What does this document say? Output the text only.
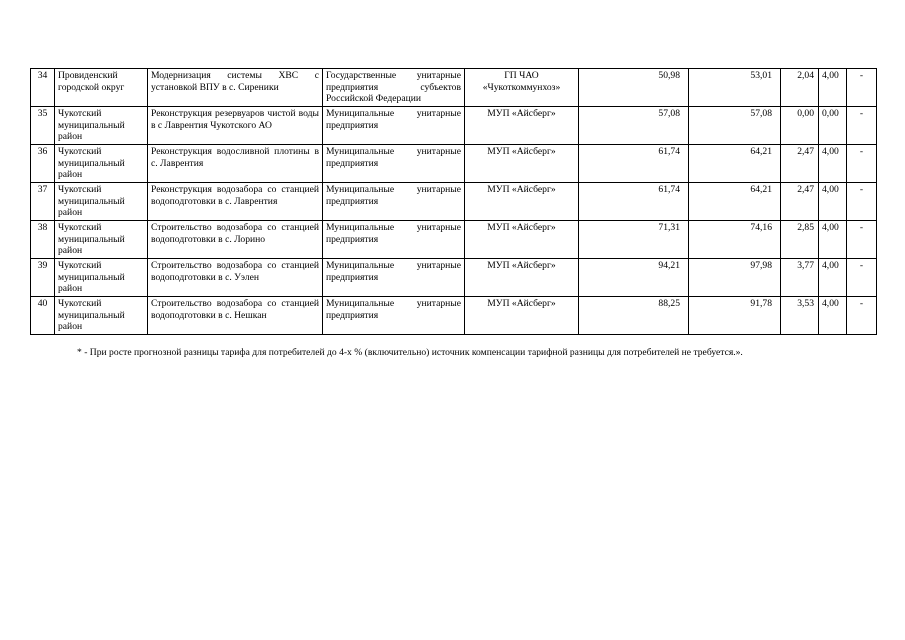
34	Провиденский городской округ	Модернизация системы ХВС с установкой ВПУ в с. Сиреники	Государственные унитарные предприятия субъектов Российской Федерации	ГП ЧАО «Чукоткоммунхоз»	50,98	53,01	2,04	4,00	-
35	Чукотский муниципальный район	Реконструкция резервуаров чистой воды в с Лаврентия Чукотского АО	Муниципальные унитарные предприятия	МУП «Айсберг»	57,08	57,08	0,00	0,00	-
36	Чукотский муниципальный район	Реконструкция водосливной плотины в с. Лаврентия	Муниципальные унитарные предприятия	МУП «Айсберг»	61,74	64,21	2,47	4,00	-
37	Чукотский муниципальный район	Реконструкция водозабора со станцией водоподготовки в с. Лаврентия	Муниципальные унитарные предприятия	МУП «Айсберг»	61,74	64,21	2,47	4,00	-
38	Чукотский муниципальный район	Строительство водозабора со станцией водоподготовки в с. Лорино	Муниципальные унитарные предприятия	МУП «Айсберг»	71,31	74,16	2,85	4,00	-
39	Чукотский муниципальный район	Строительство водозабора со станцией водоподготовки в с. Уэлен	Муниципальные унитарные предприятия	МУП «Айсберг»	94,21	97,98	3,77	4,00	-
40	Чукотский муниципальный район	Строительство водозабора со станцией водоподготовки в с. Нешкан	Муниципальные унитарные предприятия	МУП «Айсберг»	88,25	91,78	3,53	4,00	-
* - При росте прогнозной разницы тарифа для потребителей до 4-х % (включительно) источник компенсации тарифной разницы для потребителей не требуется.».
